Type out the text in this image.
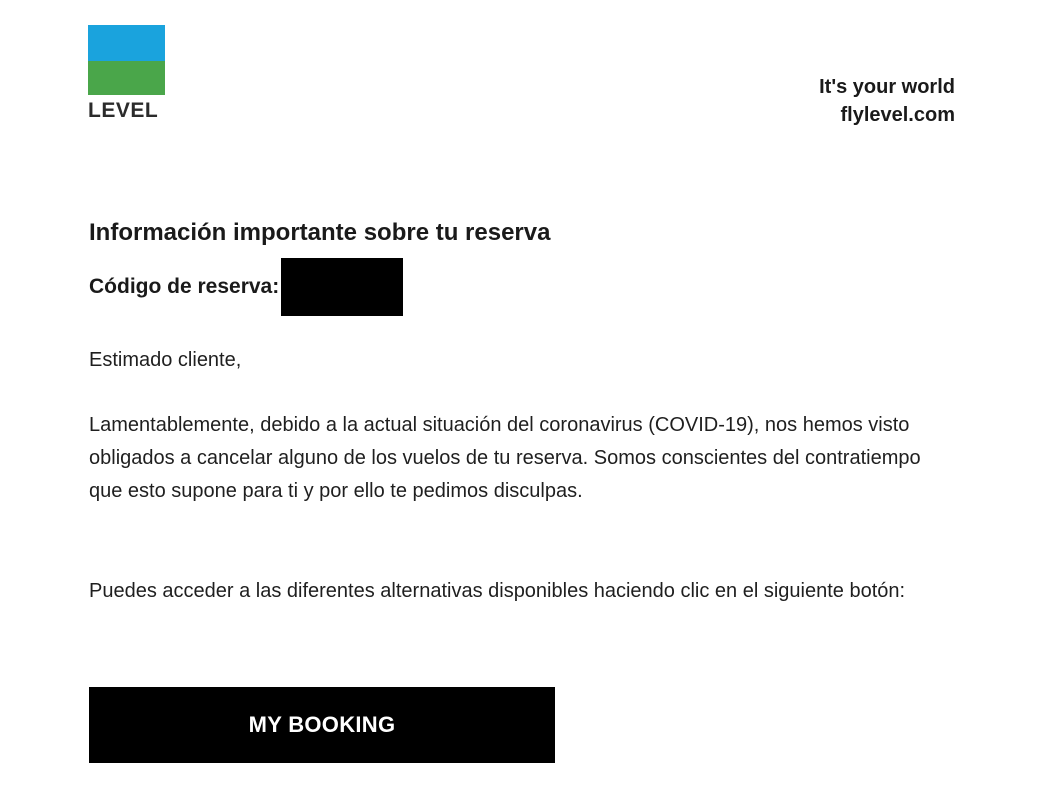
LEVEL
It's your world
flylevel.com
Información importante sobre tu reserva
Código de reserva:

Estimado cliente,

Lamentablemente, debido a la actual situación del coronavirus (COVID-19), nos hemos visto obligados a cancelar alguno de los vuelos de tu reserva. Somos conscientes del contratiempo que esto supone para ti y por ello te pedimos disculpas.

Puedes acceder a las diferentes alternativas disponibles haciendo clic en el siguiente botón:

MY BOOKING
